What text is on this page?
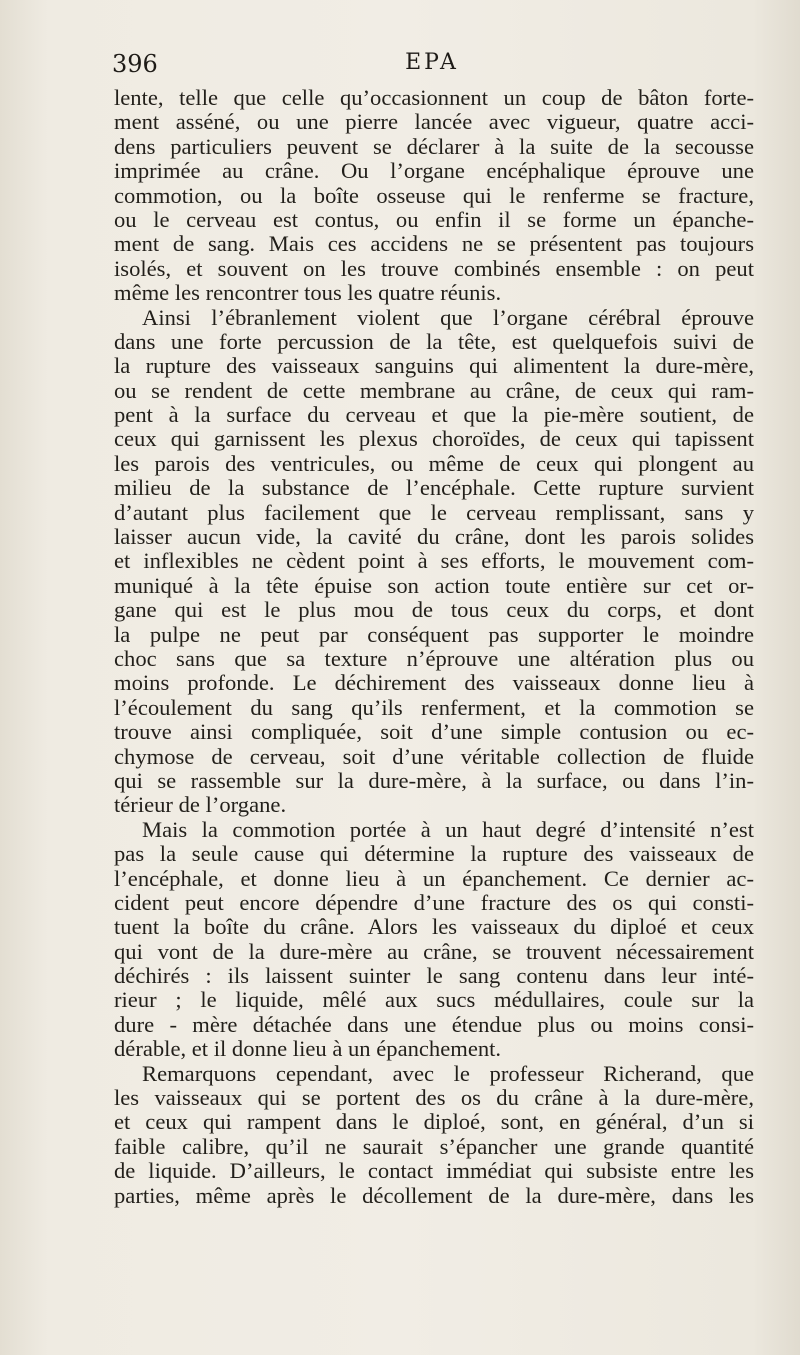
396	EPA
lente, telle que celle qu’occasionnent un coup de bâton forte-
ment asséné, ou une pierre lancée avec vigueur, quatre acci-
dens particuliers peuvent se déclarer à la suite de la secousse
imprimée au crâne. Ou l’organe encéphalique éprouve une
commotion, ou la boîte osseuse qui le renferme se fracture,
ou le cerveau est contus, ou enfin il se forme un épanche-
ment de sang. Mais ces accidens ne se présentent pas toujours
isolés, et souvent on les trouve combinés ensemble : on peut
même les rencontrer tous les quatre réunis.
Ainsi l’ébranlement violent que l’organe cérébral éprouve
dans une forte percussion de la tête, est quelquefois suivi de
la rupture des vaisseaux sanguins qui alimentent la dure-mère,
ou se rendent de cette membrane au crâne, de ceux qui ram-
pent à la surface du cerveau et que la pie-mère soutient, de
ceux qui garnissent les plexus choroïdes, de ceux qui tapissent
les parois des ventricules, ou même de ceux qui plongent au
milieu de la substance de l’encéphale. Cette rupture survient
d’autant plus facilement que le cerveau remplissant, sans y
laisser aucun vide, la cavité du crâne, dont les parois solides
et inflexibles ne cèdent point à ses efforts, le mouvement com-
muniqué à la tête épuise son action toute entière sur cet or-
gane qui est le plus mou de tous ceux du corps, et dont
la pulpe ne peut par conséquent pas supporter le moindre
choc sans que sa texture n’éprouve une altération plus ou
moins profonde. Le déchirement des vaisseaux donne lieu à
l’écoulement du sang qu’ils renferment, et la commotion se
trouve ainsi compliquée, soit d’une simple contusion ou ec-
chymose de cerveau, soit d’une véritable collection de fluide
qui se rassemble sur la dure-mère, à la surface, ou dans l’in-
térieur de l’organe.
Mais la commotion portée à un haut degré d’intensité n’est
pas la seule cause qui détermine la rupture des vaisseaux de
l’encéphale, et donne lieu à un épanchement. Ce dernier ac-
cident peut encore dépendre d’une fracture des os qui consti-
tuent la boîte du crâne. Alors les vaisseaux du diploé et ceux
qui vont de la dure-mère au crâne, se trouvent nécessairement
déchirés : ils laissent suinter le sang contenu dans leur inté-
rieur ; le liquide, mêlé aux sucs médullaires, coule sur la
dure - mère détachée dans une étendue plus ou moins consi-
dérable, et il donne lieu à un épanchement.
Remarquons cependant, avec le professeur Richerand, que
les vaisseaux qui se portent des os du crâne à la dure-mère,
et ceux qui rampent dans le diploé, sont, en général, d’un si
faible calibre, qu’il ne saurait s’épancher une grande quantité
de liquide. D’ailleurs, le contact immédiat qui subsiste entre les
parties, même après le décollement de la dure-mère, dans les
